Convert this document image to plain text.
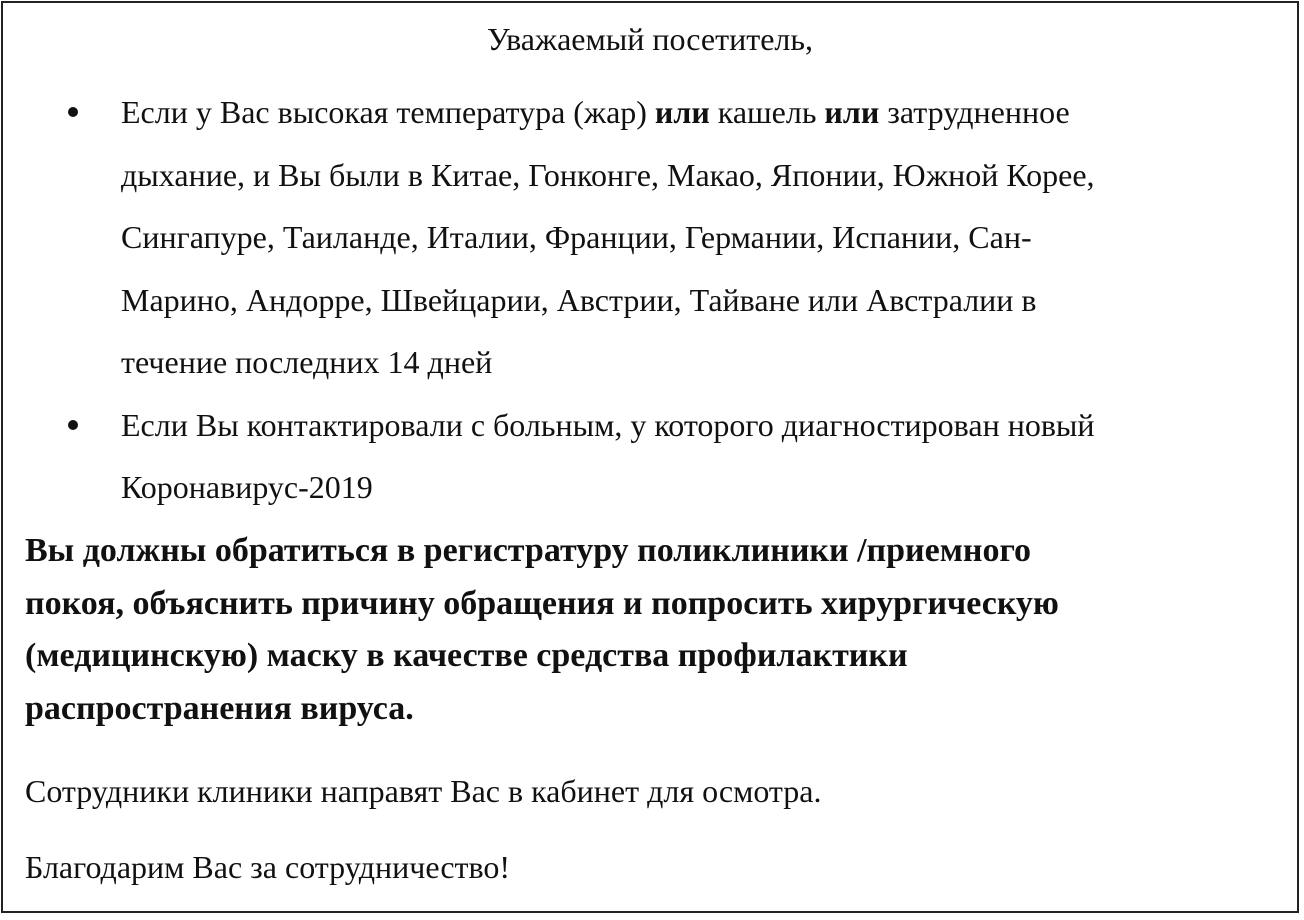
Уважаемый посетитель,

Если у Вас высокая температура (жар) или кашель или затрудненное
дыхание, и Вы были в Китае, Гонконге, Макао, Японии, Южной Корее,
Сингапуре, Таиланде, Италии, Франции, Германии, Испании, Сан-
Марино, Андорре, Швейцарии, Австрии, Тайване или Австралии в
течение последних 14 дней
Если Вы контактировали с больным, у которого диагностирован новый
Коронавирус-2019

Вы должны обратиться в регистратуру поликлиники /приемного
покоя, объяснить причину обращения и попросить хирургическую
(медицинскую) маску в качестве средства профилактики
распространения вируса.

Сотрудники клиники направят Вас в кабинет для осмотра.

Благодарим Вас за сотрудничество!
